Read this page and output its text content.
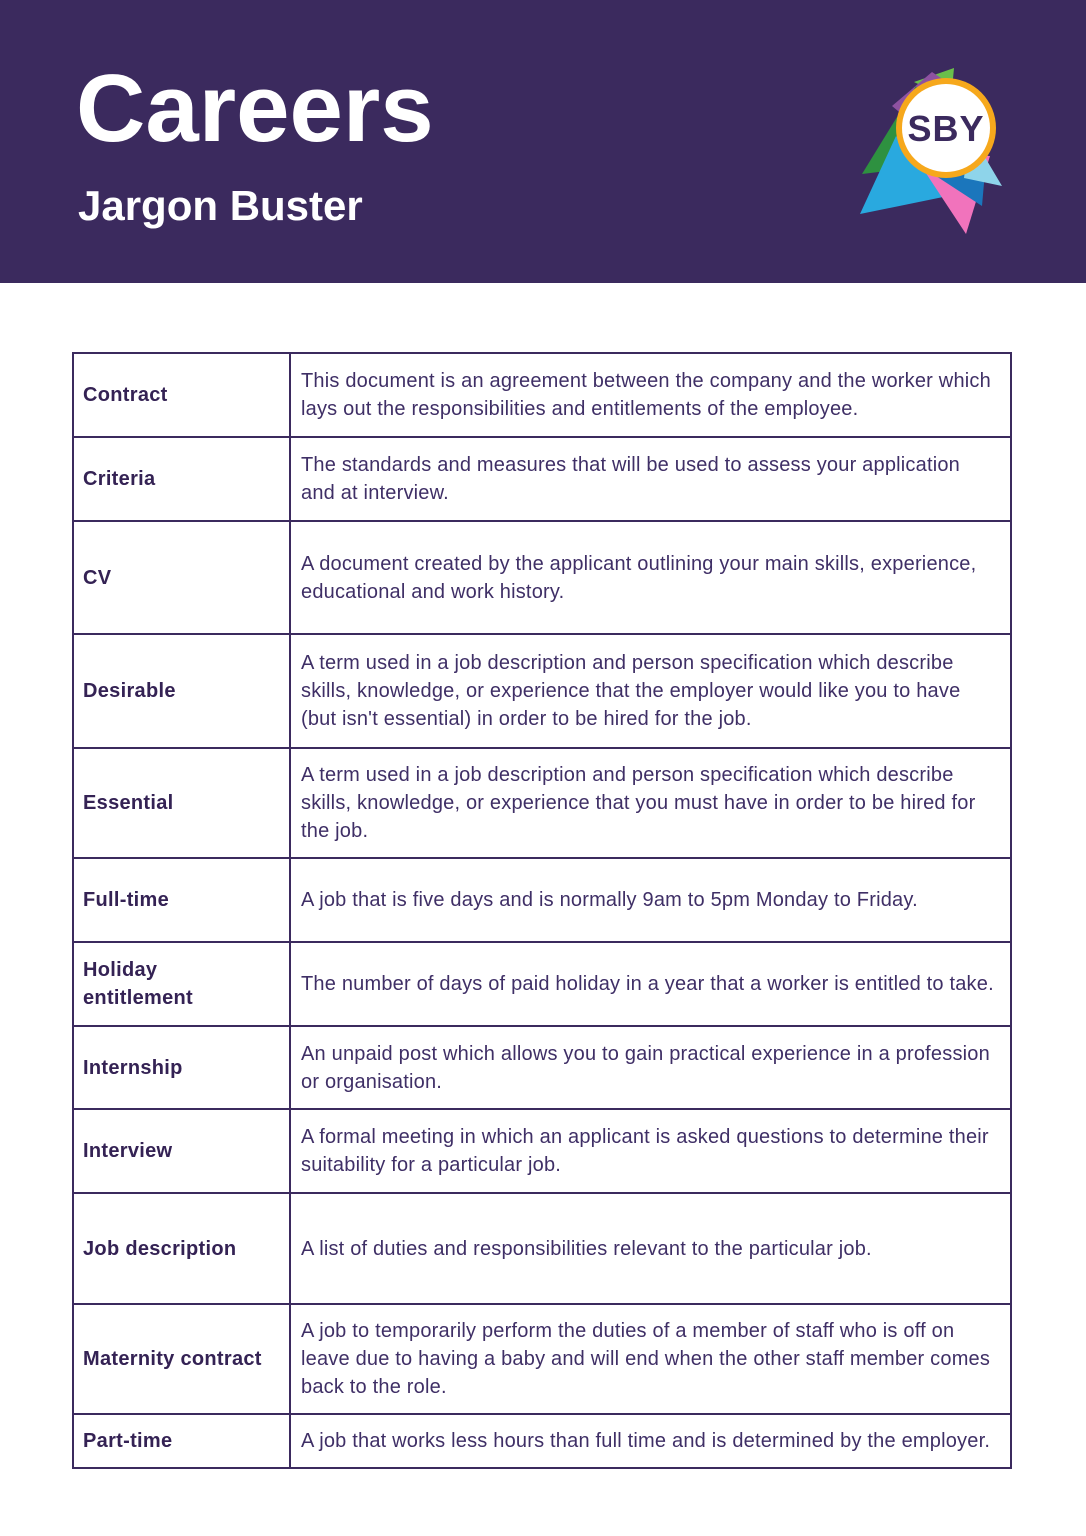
Careers
Jargon Buster
SBY
Contract	This document is an agreement between the company and the worker which lays out the responsibilities and entitlements of the employee.
Criteria	The standards and measures that will be used to assess your application and at interview.
CV	A document created by the applicant outlining your main skills, experience, educational and work history.
Desirable	A term used in a job description and person specification which describe skills, knowledge, or experience that the employer would like you to have (but isn't essential) in order to be hired for the job.
Essential	A term used in a job description and person specification which describe skills, knowledge, or experience that you must have in order to be hired for the job.
Full-time	A job that is five days and is normally 9am to 5pm Monday to Friday.
Holiday entitlement	The number of days of paid holiday in a year that a worker is entitled to take.
Internship	An unpaid post which allows you to gain practical experience in a profession or organisation.
Interview	A formal meeting in which an applicant is asked questions to determine their suitability for a particular job.
Job description	A list of duties and responsibilities relevant to the particular job.
Maternity contract	A job to temporarily perform the duties of a member of staff who is off on leave due to having a baby and will end when the other staff member comes back to the role.
Part-time	A job that works less hours than full time and is determined by the employer.
